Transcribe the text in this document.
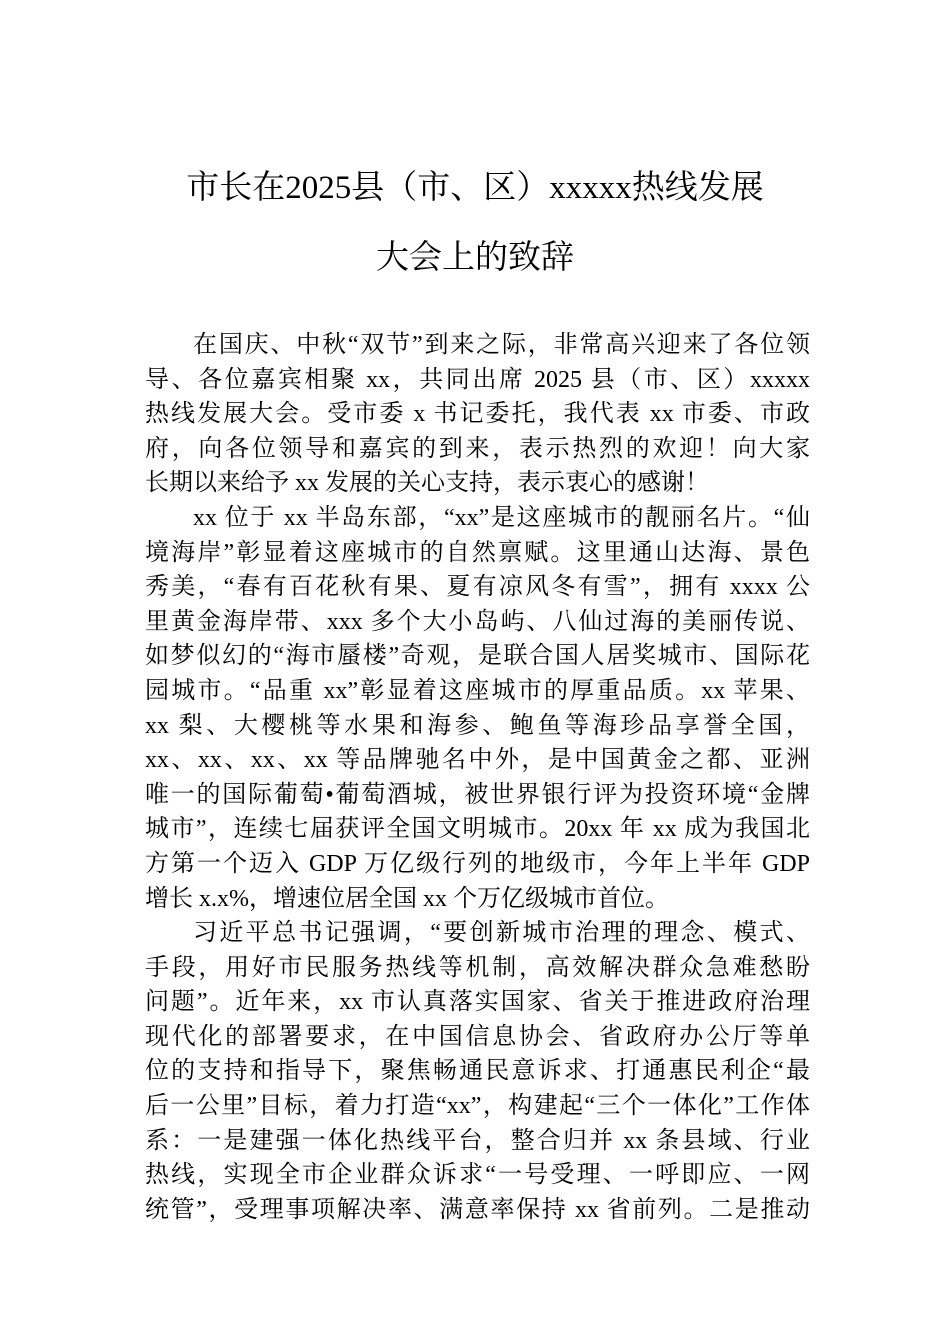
市长在2025县（市、区）xxxxx热线发展
大会上的致辞
在国庆、中秋“双节”到来之际，非常高兴迎来了各位领
导、各位嘉宾相聚 xx，共同出席 2025 县（市、区）xxxxx
热线发展大会。受市委 x 书记委托，我代表 xx 市委、市政
府，向各位领导和嘉宾的到来，表示热烈的欢迎！向大家
长期以来给予 xx 发展的关心支持，表示衷心的感谢！
xx 位于 xx 半岛东部，“xx”是这座城市的靓丽名片。“仙
境海岸”彰显着这座城市的自然禀赋。这里通山达海、景色
秀美，“春有百花秋有果、夏有凉风冬有雪”，拥有 xxxx 公
里黄金海岸带、xxx 多个大小岛屿、八仙过海的美丽传说、
如梦似幻的“海市蜃楼”奇观，是联合国人居奖城市、国际花
园城市。“品重 xx”彰显着这座城市的厚重品质。xx 苹果、
xx 梨、大樱桃等水果和海参、鲍鱼等海珍品享誉全国，
xx、xx、xx、xx 等品牌驰名中外，是中国黄金之都、亚洲
唯一的国际葡萄•葡萄酒城，被世界银行评为投资环境“金牌
城市”，连续七届获评全国文明城市。20xx 年 xx 成为我国北
方第一个迈入 GDP 万亿级行列的地级市，今年上半年 GDP
增长 x.x%，增速位居全国 xx 个万亿级城市首位。
习近平总书记强调，“要创新城市治理的理念、模式、
手段，用好市民服务热线等机制，高效解决群众急难愁盼
问题”。近年来，xx 市认真落实国家、省关于推进政府治理
现代化的部署要求，在中国信息协会、省政府办公厅等单
位的支持和指导下，聚焦畅通民意诉求、打通惠民利企“最
后一公里”目标，着力打造“xx”，构建起“三个一体化”工作体
系：一是建强一体化热线平台，整合归并 xx 条县域、行业
热线，实现全市企业群众诉求“一号受理、一呼即应、一网
统管”，受理事项解决率、满意率保持 xx 省前列。二是推动
